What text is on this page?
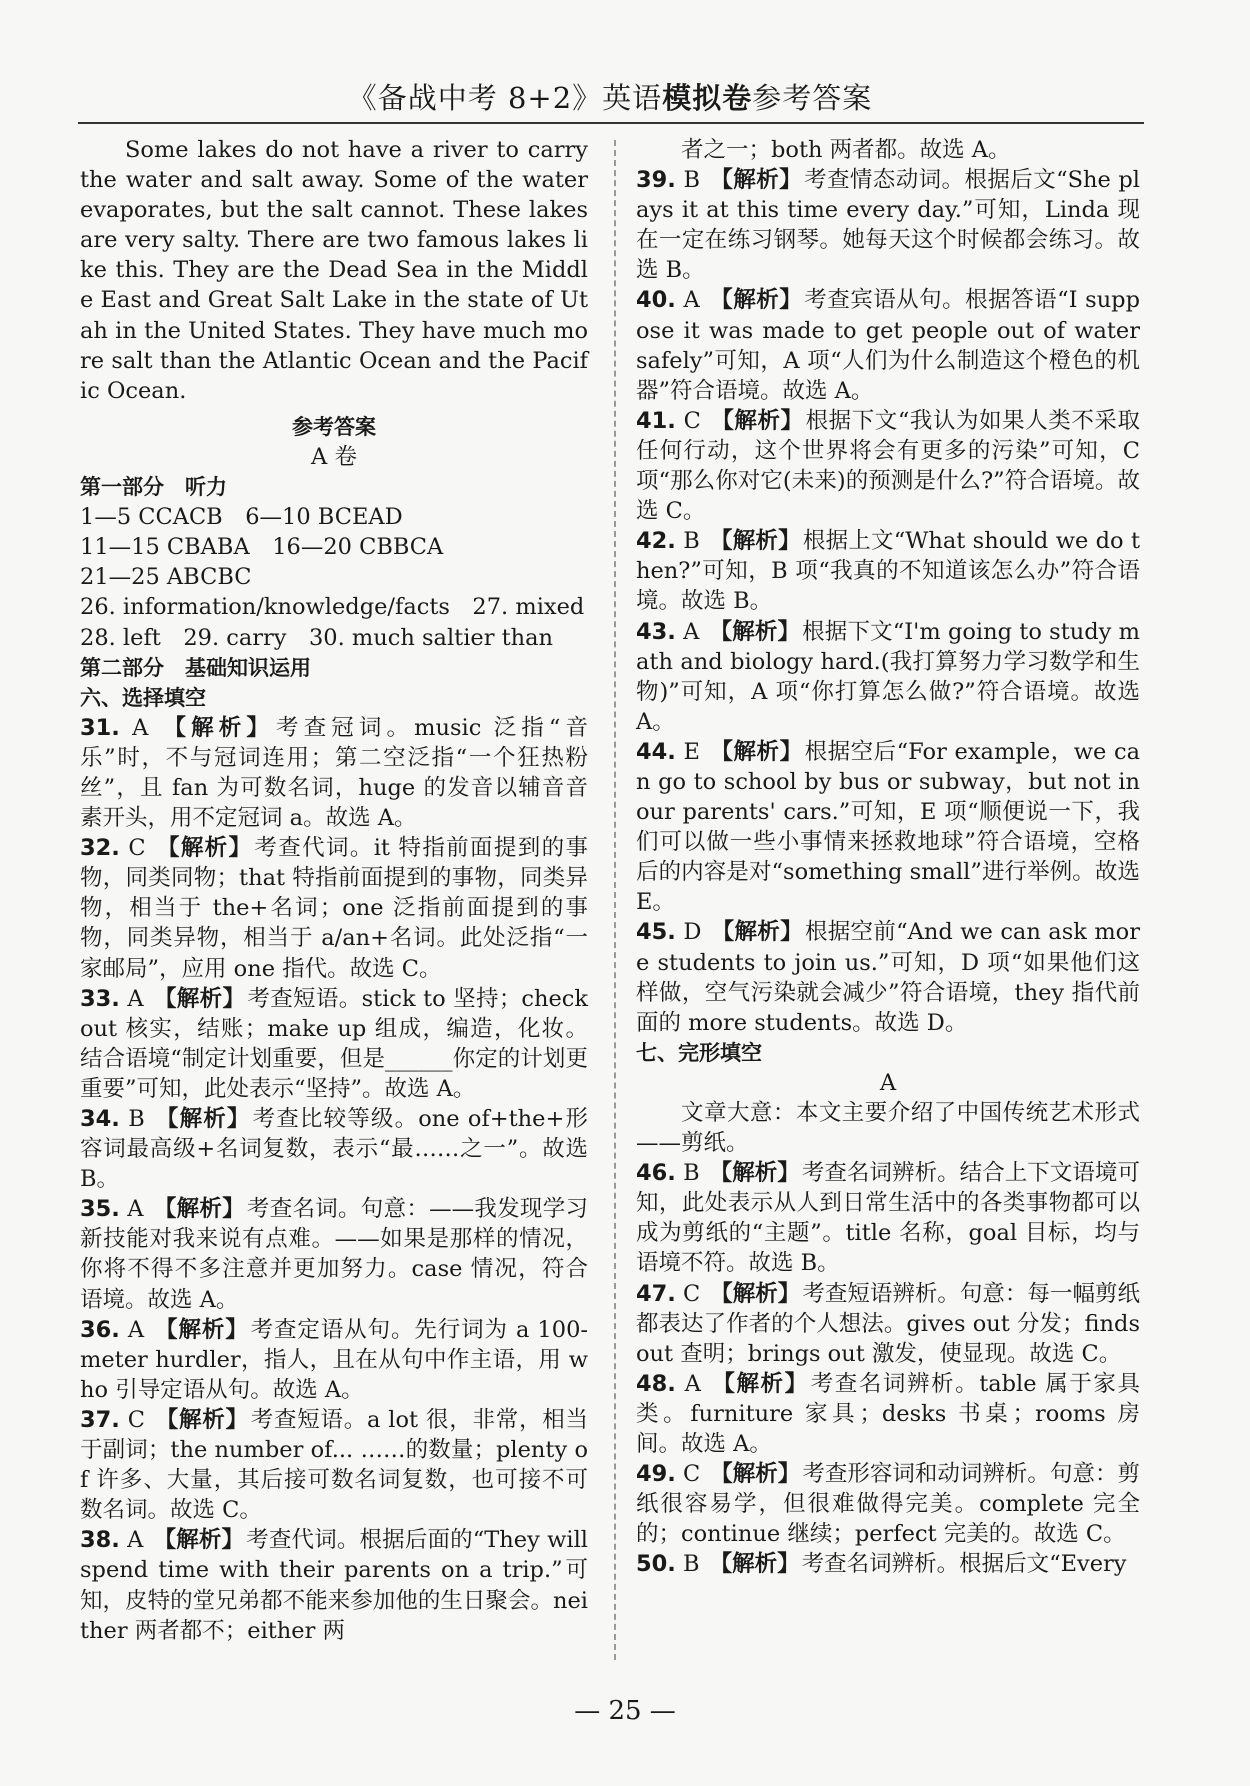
《备战中考 8+2》英语模拟卷参考答案

Some lakes do not have a river to carry the water and salt away. Some of the water evaporates, but the salt cannot. These lakes are very salty. There are two famous lakes like this. They are the Dead Sea in the Middle East and Great Salt Lake in the state of Utah in the United States. They have much more salt than the Atlantic Ocean and the Pacific Ocean.

参考答案

A 卷

第一部分　听力

1—5 CCACB　6—10 BCEAD

11—15 CBABA　16—20 CBBCA

21—25 ABCBC

26. information/knowledge/facts　27. mixed

28. left　29. carry　30. much saltier than

第二部分　基础知识运用

六、选择填空

31. A 【解析】考查冠词。music 泛指“音乐”时，不与冠词连用；第二空泛指“一个狂热粉丝”，且 fan 为可数名词，huge 的发音以辅音音素开头，用不定冠词 a。故选 A。

32. C 【解析】考查代词。it 特指前面提到的事物，同类同物；that 特指前面提到的事物，同类异物，相当于 the+名词；one 泛指前面提到的事物，同类异物，相当于 a/an+名词。此处泛指“一家邮局”，应用 one 指代。故选 C。

33. A 【解析】考查短语。stick to 坚持；check out 核实，结账；make up 组成，编造，化妆。结合语境“制定计划重要，但是______你定的计划更重要”可知，此处表示“坚持”。故选 A。

34. B 【解析】考查比较等级。one of+the+形容词最高级+名词复数，表示“最……之一”。故选 B。

35. A 【解析】考查名词。句意：——我发现学习新技能对我来说有点难。——如果是那样的情况，你将不得不多注意并更加努力。case 情况，符合语境。故选 A。

36. A 【解析】考查定语从句。先行词为 a 100-meter hurdler，指人，且在从句中作主语，用 who 引导定语从句。故选 A。

37. C 【解析】考查短语。a lot 很，非常，相当于副词；the number of... ……的数量；plenty of 许多、大量，其后接可数名词复数，也可接不可数名词。故选 C。

38. A 【解析】考查代词。根据后面的“They will spend time with their parents on a trip.”可知，皮特的堂兄弟都不能来参加他的生日聚会。neither 两者都不；either 两

者之一；both 两者都。故选 A。

39. B 【解析】考查情态动词。根据后文“She plays it at this time every day.”可知，Linda 现在一定在练习钢琴。她每天这个时候都会练习。故选 B。

40. A 【解析】考查宾语从句。根据答语“I suppose it was made to get people out of water safely”可知，A 项“人们为什么制造这个橙色的机器”符合语境。故选 A。

41. C 【解析】根据下文“我认为如果人类不采取任何行动，这个世界将会有更多的污染”可知，C 项“那么你对它(未来)的预测是什么?”符合语境。故选 C。

42. B 【解析】根据上文“What should we do then?”可知，B 项“我真的不知道该怎么办”符合语境。故选 B。

43. A 【解析】根据下文“I'm going to study math and biology hard.(我打算努力学习数学和生物)”可知，A 项“你打算怎么做?”符合语境。故选 A。

44. E 【解析】根据空后“For example，we can go to school by bus or subway，but not in our parents' cars.”可知，E 项“顺便说一下，我们可以做一些小事情来拯救地球”符合语境，空格后的内容是对“something small”进行举例。故选 E。

45. D 【解析】根据空前“And we can ask more students to join us.”可知，D 项“如果他们这样做，空气污染就会减少”符合语境，they 指代前面的 more students。故选 D。

七、完形填空

A

文章大意：本文主要介绍了中国传统艺术形式——剪纸。

46. B 【解析】考查名词辨析。结合上下文语境可知，此处表示从人到日常生活中的各类事物都可以成为剪纸的“主题”。title 名称，goal 目标，均与语境不符。故选 B。

47. C 【解析】考查短语辨析。句意：每一幅剪纸都表达了作者的个人想法。gives out 分发；finds out 查明；brings out 激发，使显现。故选 C。

48. A 【解析】考查名词辨析。table 属于家具类。furniture 家具；desks 书桌；rooms 房间。故选 A。

49. C 【解析】考查形容词和动词辨析。句意：剪纸很容易学，但很难做得完美。complete 完全的；continue 继续；perfect 完美的。故选 C。

50. B 【解析】考查名词辨析。根据后文“Every

— 25 —
